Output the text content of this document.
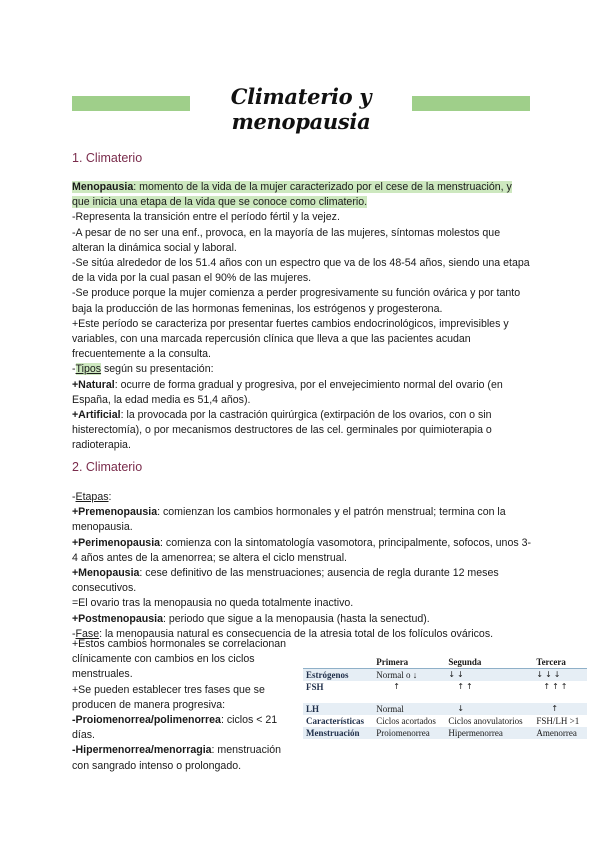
Climaterio y menopausia
1. Climaterio

Menopausia: momento de la vida de la mujer caracterizado por el cese de la menstruación, y que inicia una etapa de la vida que se conoce como climaterio.

-Representa la transición entre el período fértil y la vejez.

-A pesar de no ser una enf., provoca, en la mayoría de las mujeres, síntomas molestos que alteran la dinámica social y laboral.

-Se sitúa alrededor de los 51.4 años con un espectro que va de los 48-54 años, siendo una etapa de la vida por la cual pasan el 90% de las mujeres.

-Se produce porque la mujer comienza a perder progresivamente su función ovárica y por tanto baja la producción de las hormonas femeninas, los estrógenos y progesterona.

+Este período se caracteriza por presentar fuertes cambios endocrinológicos, imprevisibles y variables, con una marcada repercusión clínica que lleva a que las pacientes acudan frecuentemente a la consulta.

-Tipos según su presentación:

+Natural: ocurre de forma gradual y progresiva, por el envejecimiento normal del ovario (en España, la edad media es 51,4 años).

+Artificial: la provocada por la castración quirúrgica (extirpación de los ovarios, con o sin histerectomía), o por mecanismos destructores de las cel. germinales por quimioterapia o radioterapia.

2. Climaterio

-Etapas:

+Premenopausia: comienzan los cambios hormonales y el patrón menstrual; termina con la menopausia.

+Perimenopausia: comienza con la sintomatología vasomotora, principalmente, sofocos, unos 3-4 años antes de la amenorrea; se altera el ciclo menstrual.

+Menopausia: cese definitivo de las menstruaciones; ausencia de regla durante 12 meses consecutivos.

=El ovario tras la menopausia no queda totalmente inactivo.

+Postmenopausia: periodo que sigue a la menopausia (hasta la senectud).

-Fase: la menopausia natural es consecuencia de la atresia total de los folículos ováricos.

+Estos cambios hormonales se correlacionan clínicamente con cambios en los ciclos menstruales.

+Se pueden establecer tres fases que se producen de manera progresiva:

-Proiomenorrea/polimenorrea: ciclos < 21 días.

-Hipermenorrea/menorragia: menstruación con sangrado intenso o prolongado.

	Primera	Segunda	Tercera
Estrógenos	Normal o ↓	↓↓	↓↓↓
FSH	↑	↑↑	↑↑↑
LH	Normal	↓	↑
Características	Ciclos acortados	Ciclos anovulatorios	FSH/LH >1
Menstruación	Proiomenorrea	Hipermenorrea	Amenorrea
